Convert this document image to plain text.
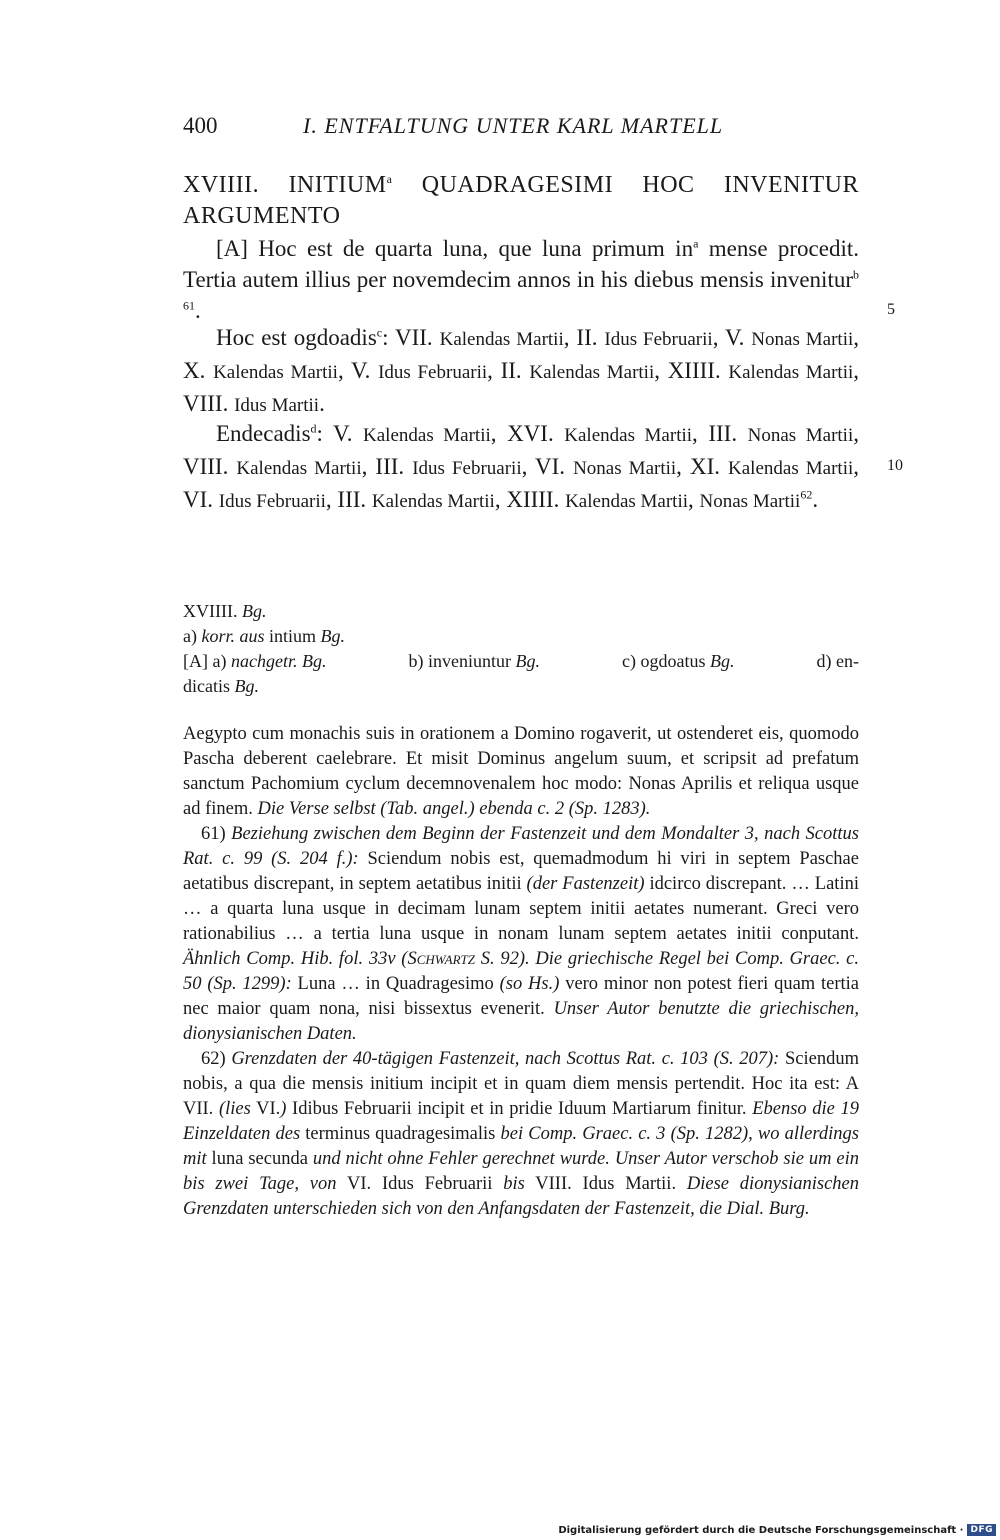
400	I. ENTFALTUNG UNTER KARL MARTELL
XVIIII. INITIUM$^a$ QUADRAGESIMI HOC INVENITUR ARGUMENTO
[A] Hoc est de quarta luna, que luna primum $in^a$ mense procedit. Tertia autem illius per novemdecim annos in his diebus mensis invenitur$^{b 61}$.
Hoc est ogdoadis$^c$: VII. Kalendas Martii, II. Idus Februarii, V. Nonas Martii, X. Kalendas Martii, V. Idus Februarii, II. Kalendas Martii, XIIII. Kalendas Martii, VIII. Idus Martii.
Endecadis$^d$: V. Kalendas Martii, XVI. Kalendas Martii, III. Nonas Martii, VIII. Kalendas Martii, III. Idus Februarii, VI. Nonas Martii, XI. Kalendas Martii, VI. Idus Februarii, III. Kalendas Martii, XIIII. Kalendas Martii, Nonas Martii$^{62}$.
5
10
XVIIII. Bg.
a) korr. aus intium Bg.
[A] a) nachgetr. Bg.	b) inveniuntur Bg.	c) ogdoatus Bg.	d) en-
dicatis Bg.

Aegypto cum monachis suis in orationem a Domino rogaverit, ut ostenderet eis, quomodo Pascha deberent caelebrare. Et misit Dominus angelum suum, et scripsit ad prefatum sanctum Pachomium cyclum decemnovenalem hoc modo: Nonas Aprilis et reliqua usque ad finem. Die Verse selbst (Tab. angel.) ebenda c. 2 (Sp. 1283).

61) Beziehung zwischen dem Beginn der Fastenzeit und dem Mondalter 3, nach Scottus Rat. c. 99 (S. 204 f.): Sciendum nobis est, quemadmodum hi viri in septem Paschae aetatibus discrepant, in septem aetatibus initii (der Fastenzeit) idcirco discrepant. … Latini … a quarta luna usque in decimam lunam septem initii aetates numerant. Greci vero rationabilius … a tertia luna usque in nonam lunam septem aetates initii conputant. Ähnlich Comp. Hib. fol. 33v (Schwartz S. 92). Die griechische Regel bei Comp. Graec. c. 50 (Sp. 1299): Luna … in Quadragesimo (so Hs.) vero minor non potest fieri quam tertia nec maior quam nona, nisi bissextus evenerit. Unser Autor benutzte die griechischen, dionysianischen Daten.

62) Grenzdaten der 40-tägigen Fastenzeit, nach Scottus Rat. c. 103 (S. 207): Sciendum nobis, a qua die mensis initium incipit et in quam diem mensis pertendit. Hoc ita est: A VII. (lies VI.) Idibus Februarii incipit et in pridie Iduum Martiarum finitur. Ebenso die 19 Einzeldaten des terminus quadragesimalis bei Comp. Graec. c. 3 (Sp. 1282), wo allerdings mit luna secunda und nicht ohne Fehler gerechnet wurde. Unser Autor verschob sie um ein bis zwei Tage, von VI. Idus Februarii bis VIII. Idus Martii. Diese dionysianischen Grenzdaten unterschieden sich von den Anfangsdaten der Fastenzeit, die Dial. Burg.

Digitalisierung gefördert durch die Deutsche Forschungsgemeinschaft · DFG
